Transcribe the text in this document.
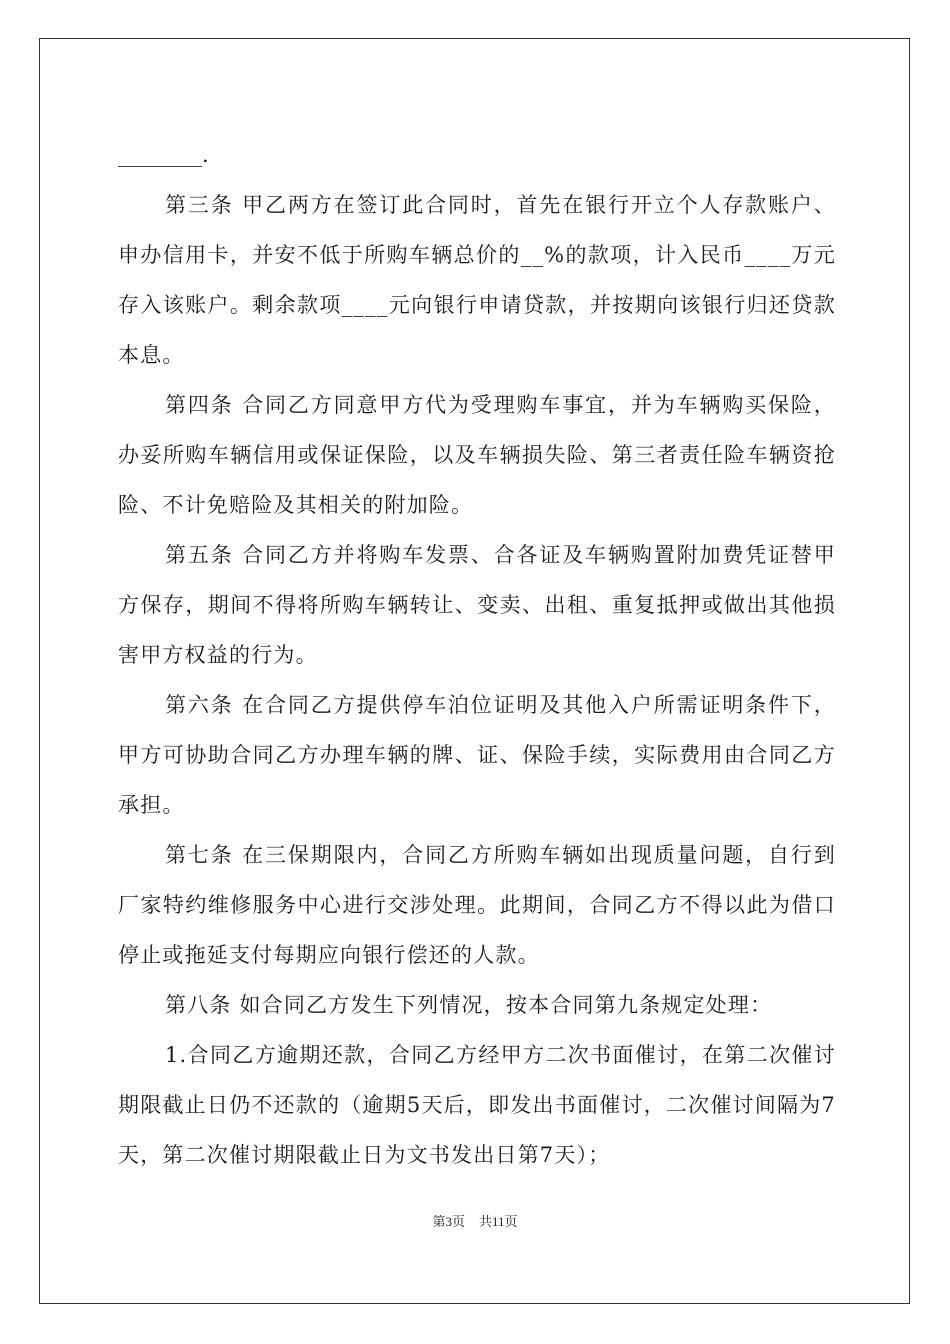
________.

第三条 甲乙两方在签订此合同时，首先在银行开立个人存款账户、申办信用卡，并安不低于所购车辆总价的__%的款项，计入民币____万元存入该账户。剩余款项____元向银行申请贷款，并按期向该银行归还贷款本息。

第四条 合同乙方同意甲方代为受理购车事宜，并为车辆购买保险，办妥所购车辆信用或保证保险，以及车辆损失险、第三者责任险车辆资抢险、不计免赔险及其相关的附加险。

第五条 合同乙方并将购车发票、合各证及车辆购置附加费凭证替甲方保存，期间不得将所购车辆转让、变卖、出租、重复抵押或做出其他损害甲方权益的行为。

第六条 在合同乙方提供停车泊位证明及其他入户所需证明条件下，甲方可协助合同乙方办理车辆的牌、证、保险手续，实际费用由合同乙方承担。

第七条 在三保期限内，合同乙方所购车辆如出现质量问题，自行到厂家特约维修服务中心进行交涉处理。此期间，合同乙方不得以此为借口停止或拖延支付每期应向银行偿还的人款。

第八条 如合同乙方发生下列情况，按本合同第九条规定处理：

1.合同乙方逾期还款，合同乙方经甲方二次书面催讨，在第二次催讨期限截止日仍不还款的（逾期5天后，即发出书面催讨，二次催讨间隔为7天，第二次催讨期限截止日为文书发出日第7天）；

第3页 共11页
